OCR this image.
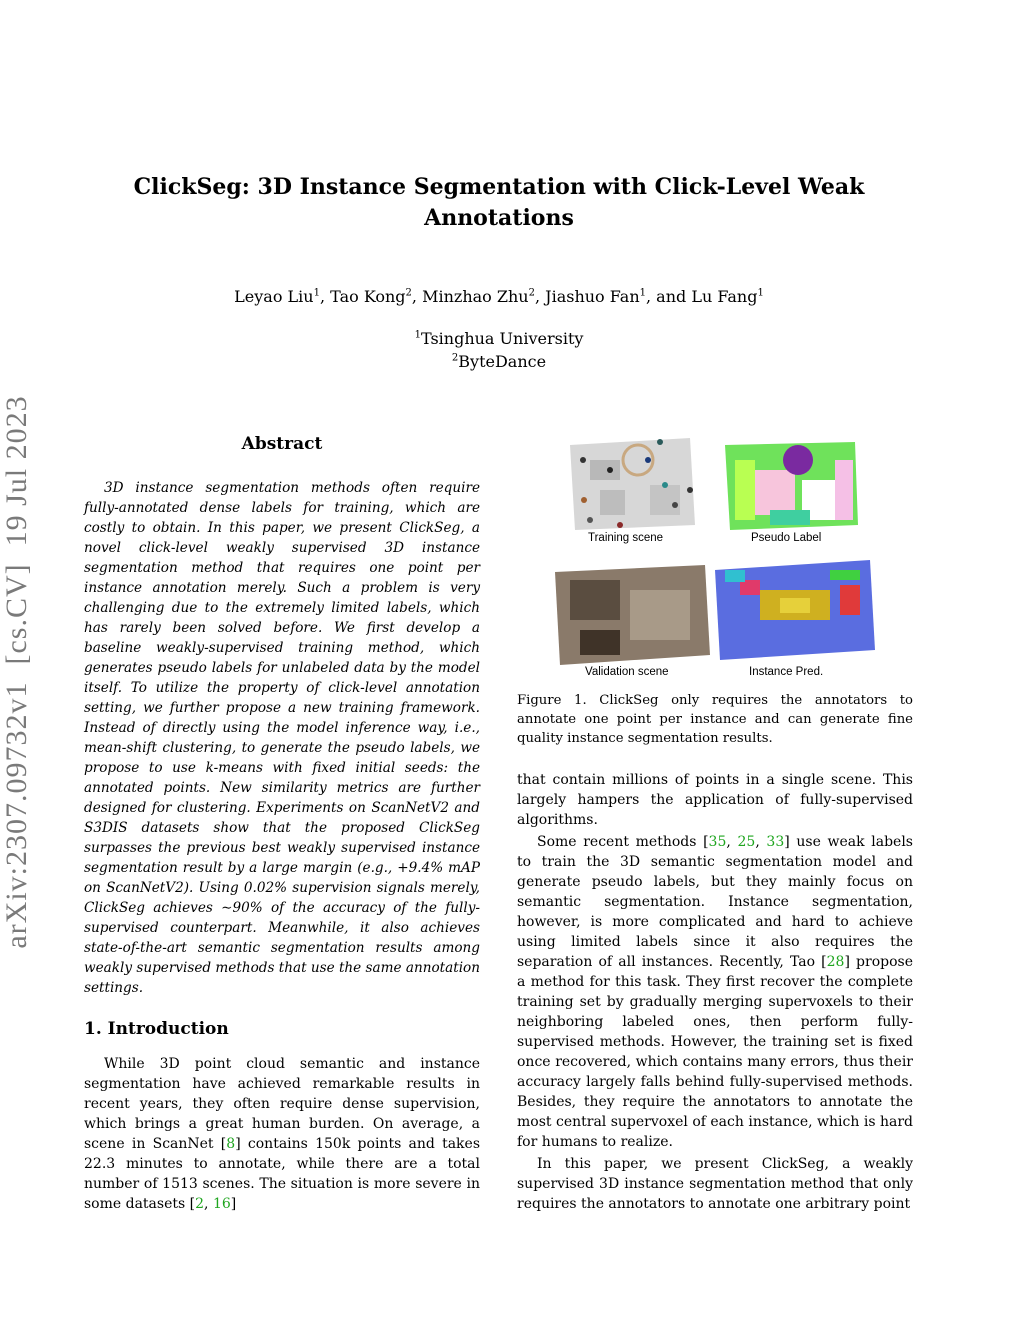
ClickSeg: 3D Instance Segmentation with Click-Level Weak Annotations
Leyao Liu$^1$, Tao Kong$^2$, Minzhao Zhu$^2$, Jiashuo Fan$^1$, and Lu Fang$^1$
$^1$Tsinghua University
$^2$ByteDance
arXiv:2307.09732v1  [cs.CV]  19 Jul 2023	Abstract
3D instance segmentation methods often require fully-annotated dense labels for training, which are costly to obtain. In this paper, we present ClickSeg, a novel click-level weakly supervised 3D instance segmentation method that requires one point per instance annotation merely. Such a problem is very challenging due to the extremely limited labels, which has rarely been solved before. We first develop a baseline weakly-supervised training method, which generates pseudo labels for unlabeled data by the model itself. To utilize the property of click-level annotation setting, we further propose a new training framework. Instead of directly using the model inference way, i.e., mean-shift clustering, to generate the pseudo labels, we propose to use k-means with fixed initial seeds: the annotated points. New similarity metrics are further designed for clustering. Experiments on ScanNetV2 and S3DIS datasets show that the proposed ClickSeg surpasses the previous best weakly supervised instance segmentation result by a large margin (e.g., +9.4% mAP on ScanNetV2). Using 0.02% supervision signals merely, ClickSeg achieves ∼90% of the accuracy of the fully-supervised counterpart. Meanwhile, it also achieves state-of-the-art semantic segmentation results among weakly supervised methods that use the same annotation settings.
1. Introduction

While 3D point cloud semantic and instance segmentation have achieved remarkable results in recent years, they often require dense supervision, which brings a great human burden. On average, a scene in ScanNet [8] contains 150k points and takes 22.3 minutes to annotate, while there are a total number of 1513 scenes. The situation is more severe in some datasets [2, 16]

Training scene	Pseudo Label
Validation scene	Instance Pred.
Figure 1. ClickSeg only requires the annotators to annotate one point per instance and can generate fine quality instance segmentation results.

that contain millions of points in a single scene. This largely hampers the application of fully-supervised algorithms.

Some recent methods [35, 25, 33] use weak labels to train the 3D semantic segmentation model and generate pseudo labels, but they mainly focus on semantic segmentation. Instance segmentation, however, is more complicated and hard to achieve using limited labels since it also requires the separation of all instances. Recently, Tao [28] propose a method for this task. They first recover the complete training set by gradually merging supervoxels to their neighboring labeled ones, then perform fully-supervised methods. However, the training set is fixed once recovered, which contains many errors, thus their accuracy largely falls behind fully-supervised methods. Besides, they require the annotators to annotate the most central supervoxel of each instance, which is hard for humans to realize.

In this paper, we present ClickSeg, a weakly supervised 3D instance segmentation method that only requires the annotators to annotate one arbitrary point
